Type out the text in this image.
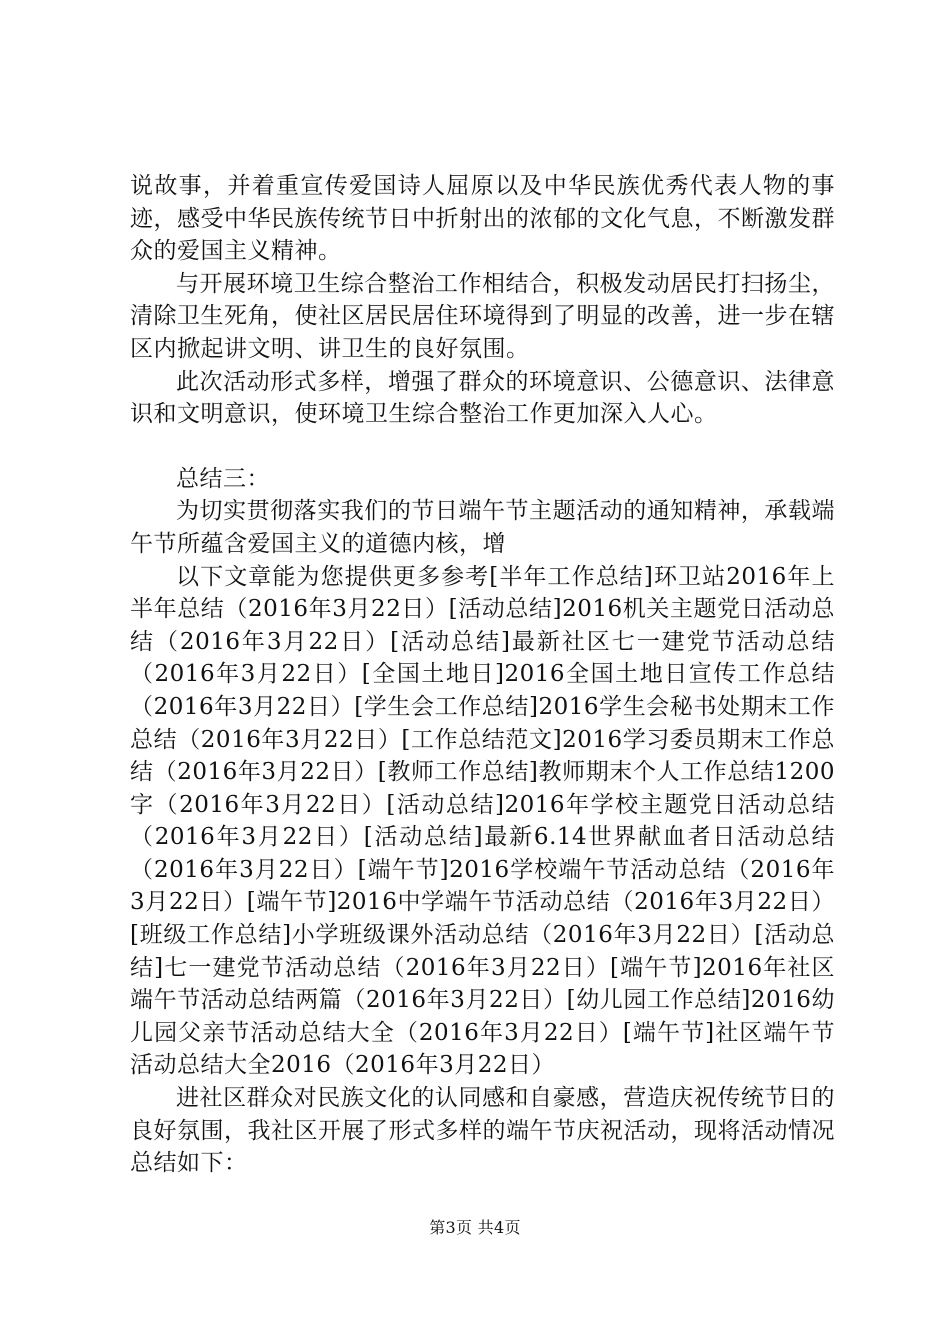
说故事，并着重宣传爱国诗人屈原以及中华民族优秀代表人物的事迹，感受中华民族传统节日中折射出的浓郁的文化气息，不断激发群众的爱国主义精神。

与开展环境卫生综合整治工作相结合，积极发动居民打扫扬尘，清除卫生死角，使社区居民居住环境得到了明显的改善，进一步在辖区内掀起讲文明、讲卫生的良好氛围。

此次活动形式多样，增强了群众的环境意识、公德意识、法律意识和文明意识，使环境卫生综合整治工作更加深入人心。

总结三：

为切实贯彻落实我们的节日端午节主题活动的通知精神，承载端午节所蕴含爱国主义的道德内核，增

以下文章能为您提供更多参考[半年工作总结]环卫站2016年上半年总结（2016年3月22日）[活动总结]2016机关主题党日活动总结（2016年3月22日）[活动总结]最新社区七一建党节活动总结（2016年3月22日）[全国土地日]2016全国土地日宣传工作总结（2016年3月22日）[学生会工作总结]2016学生会秘书处期末工作总结（2016年3月22日）[工作总结范文]2016学习委员期末工作总结（2016年3月22日）[教师工作总结]教师期末个人工作总结1200字（2016年3月22日）[活动总结]2016年学校主题党日活动总结（2016年3月22日）[活动总结]最新6.14世界献血者日活动总结（2016年3月22日）[端午节]2016学校端午节活动总结（2016年3月22日）[端午节]2016中学端午节活动总结（2016年3月22日）[班级工作总结]小学班级课外活动总结（2016年3月22日）[活动总结]七一建党节活动总结（2016年3月22日）[端午节]2016年社区端午节活动总结两篇（2016年3月22日）[幼儿园工作总结]2016幼儿园父亲节活动总结大全（2016年3月22日）[端午节]社区端午节活动总结大全2016（2016年3月22日）

进社区群众对民族文化的认同感和自豪感，营造庆祝传统节日的良好氛围，我社区开展了形式多样的端午节庆祝活动，现将活动情况总结如下：

第3页 共4页
